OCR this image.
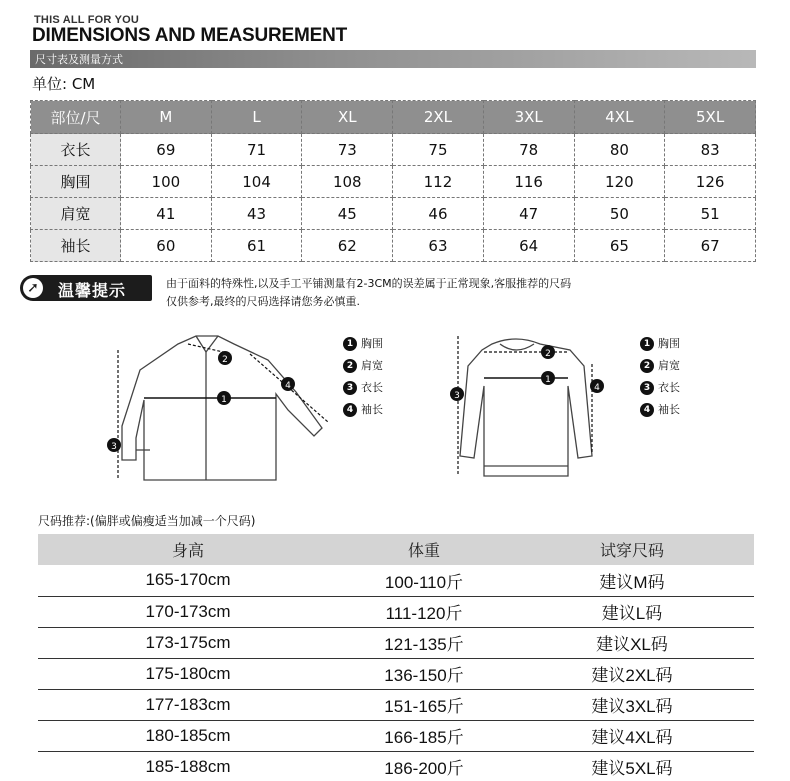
THIS ALL FOR YOU
DIMENSIONS AND MEASUREMENT
尺寸表及测量方式
单位: CM
部位/尺	M	L	XL	2XL	3XL	4XL	5XL
衣长	69	71	73	75	78	80	83
胸围	100	104	108	112	116	120	126
肩宽	41	43	45	46	47	50	51
袖长	60	61	62	63	64	65	67
➚ 温馨提示	由于面料的特殊性,以及手工平铺测量有2-3CM的误差属于正常现象,客服推荐的尺码
仅供参考,最终的尺码选择请您务必慎重.
1
2
3
4
1 胸围
2 肩宽
3 衣长
4 袖长
1
2
3
4
1 胸围
2 肩宽
3 衣长
4 袖长
尺码推荐:(偏胖或偏瘦适当加减一个尺码)
身高	体重	试穿尺码
165-170cm	100-110斤	建议M码
170-173cm	111-120斤	建议L码
173-175cm	121-135斤	建议XL码
175-180cm	136-150斤	建议2XL码
177-183cm	151-165斤	建议3XL码
180-185cm	166-185斤	建议4XL码
185-188cm	186-200斤	建议5XL码
